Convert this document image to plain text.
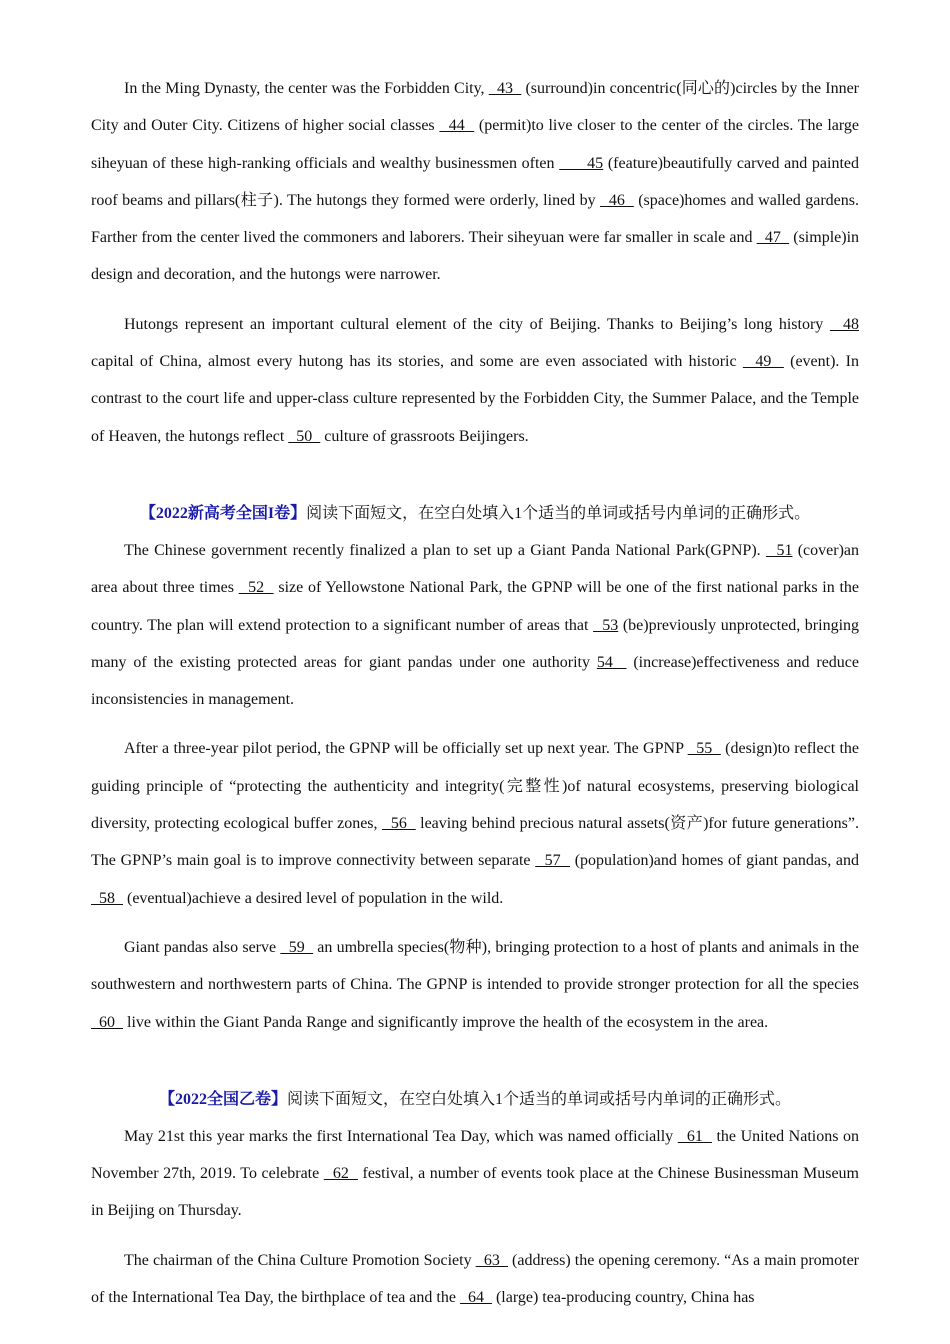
In the Ming Dynasty, the center was the Forbidden City,   43   (surround)in concentric(同心的)circles by the Inner City and Outer City. Citizens of higher social classes   44   (permit)to live closer to the center of the circles. The large siheyuan of these high-ranking officials and wealthy businessmen often       45 (feature)beautifully carved and painted roof beams and pillars(柱子). The hutongs they formed were orderly, lined by   46   (space)homes and walled gardens. Farther from the center lived the commoners and laborers. Their siheyuan were far smaller in scale and   47   (simple)in design and decoration, and the hutongs were narrower.

Hutongs represent an important cultural element of the city of Beijing. Thanks to Beijing’s long history   48 capital of China, almost every hutong has its stories, and some are even associated with historic   49   (event). In contrast to the court life and upper-class culture represented by the Forbidden City, the Summer Palace, and the Temple of Heaven, the hutongs reflect   50   culture of grassroots Beijingers.

【2022新高考全国I卷】阅读下面短文，在空白处填入1个适当的单词或括号内单词的正确形式。

The Chinese government recently finalized a plan to set up a Giant Panda National Park(GPNP).   51 (cover)an area about three times   52   size of Yellowstone National Park, the GPNP will be one of the first national parks in the country. The plan will extend protection to a significant number of areas that   53 (be)previously unprotected, bringing many of the existing protected areas for giant pandas under one authority 54   (increase)effectiveness and reduce inconsistencies in management.

After a three-year pilot period, the GPNP will be officially set up next year. The GPNP   55   (design)to reflect the guiding principle of “protecting the authenticity and integrity(完整性)of natural ecosystems, preserving biological diversity, protecting ecological buffer zones,   56   leaving behind precious natural assets(资产)for future generations”. The GPNP’s main goal is to improve connectivity between separate   57   (population)and homes of giant pandas, and   58   (eventual)achieve a desired level of population in the wild.

Giant pandas also serve   59   an umbrella species(物种), bringing protection to a host of plants and animals in the southwestern and northwestern parts of China. The GPNP is intended to provide stronger protection for all the species   60   live within the Giant Panda Range and significantly improve the health of the ecosystem in the area.

【2022全国乙卷】阅读下面短文，在空白处填入1个适当的单词或括号内单词的正确形式。

May 21st this year marks the first International Tea Day, which was named officially   61   the United Nations on November 27th, 2019. To celebrate   62   festival, a number of events took place at the Chinese Businessman Museum in Beijing on Thursday.

The chairman of the China Culture Promotion Society   63   (address) the opening ceremony. “As a main promoter of the International Tea Day, the birthplace of tea and the   64   (large) tea-producing country, China has
